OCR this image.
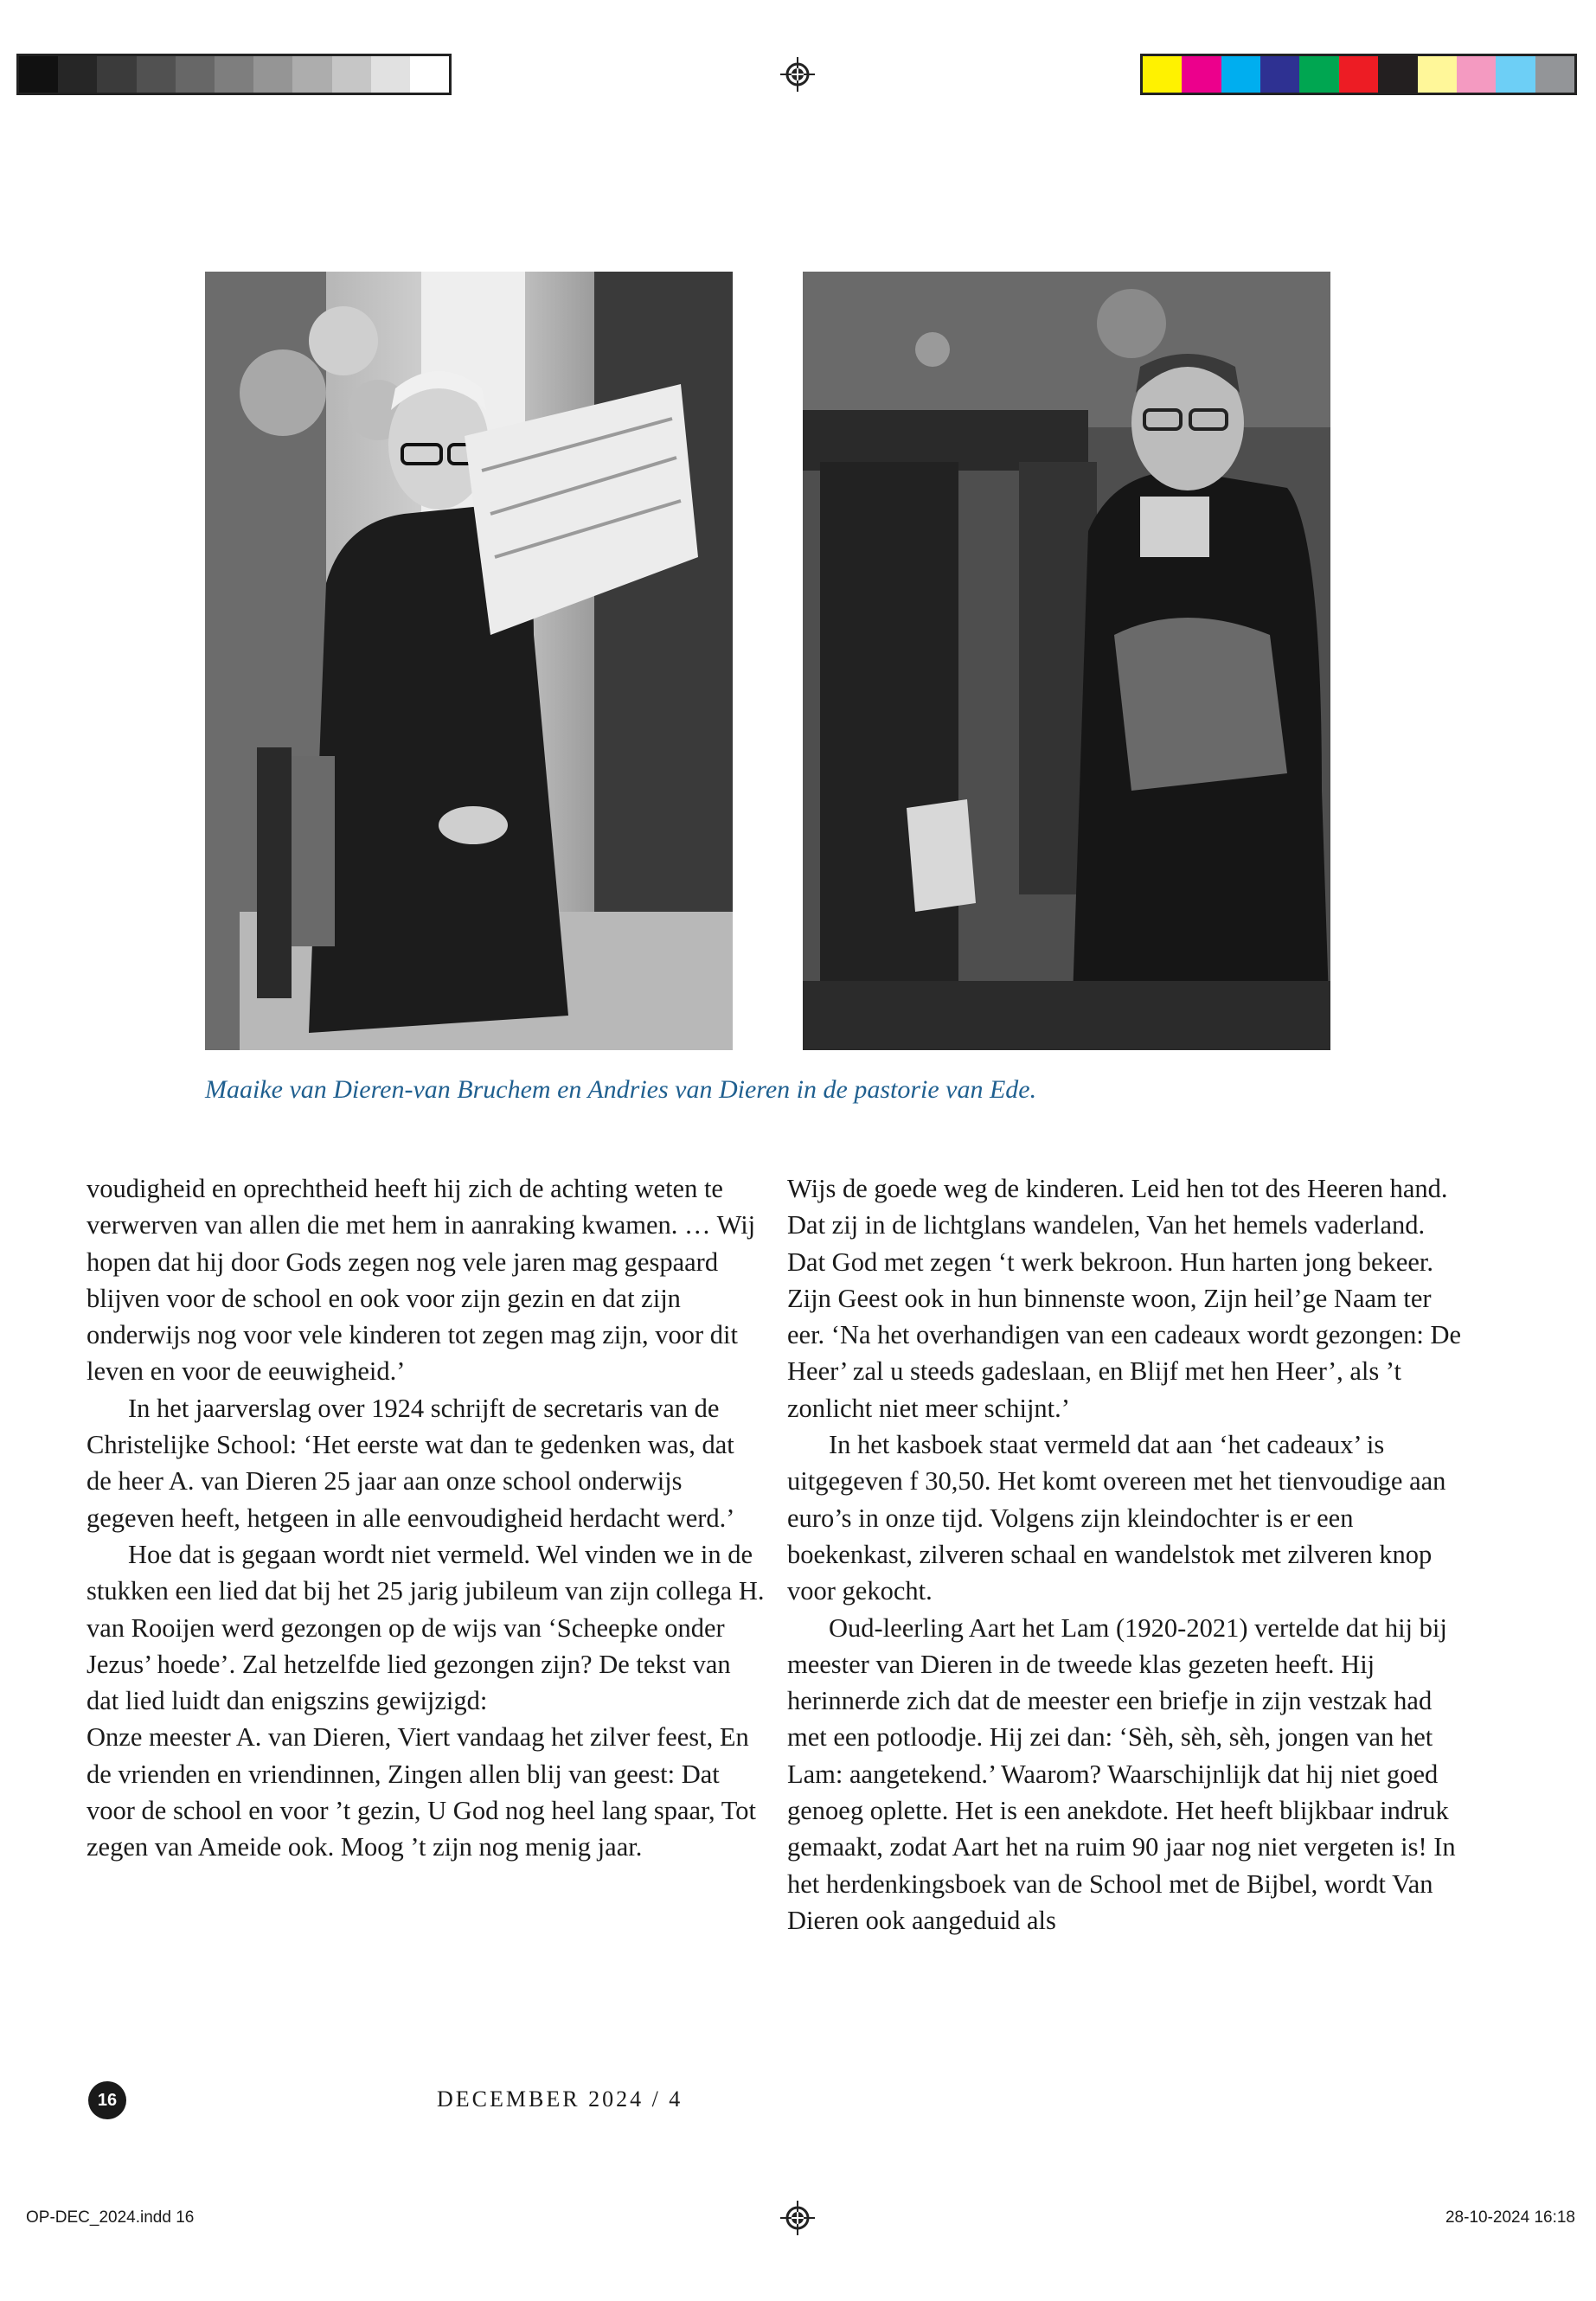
Maaike van Dieren-van Bruchem en Andries van Dieren in de pastorie van Ede.

voudigheid en oprechtheid heeft hij zich de achting weten te verwerven van allen die met hem in aanraking kwamen. … Wij hopen dat hij door Gods zegen nog vele jaren mag gespaard blijven voor de school en ook voor zijn gezin en dat zijn onderwijs nog voor vele kinderen tot zegen mag zijn, voor dit leven en voor de eeuwigheid.’

In het jaarverslag over 1924 schrijft de secretaris van de Christelijke School: ‘Het eerste wat dan te gedenken was, dat de heer A. van Dieren 25 jaar aan onze school onderwijs gegeven heeft, hetgeen in alle eenvoudigheid herdacht werd.’

Hoe dat is gegaan wordt niet vermeld. Wel vinden we in de stukken een lied dat bij het 25 jarig jubileum van zijn collega H. van Rooijen werd gezongen op de wijs van ‘Scheepke onder Jezus’ hoede’. Zal hetzelfde lied gezongen zijn? De tekst van dat lied luidt dan enigszins gewijzigd:

Onze meester A. van Dieren, Viert vandaag het zilver feest, En de vrienden en vriendinnen, Zingen allen blij van geest: Dat voor de school en voor ’t gezin, U God nog heel lang spaar, Tot zegen van Ameide ook. Moog ’t zijn nog menig jaar.

Wijs de goede weg de kinderen. Leid hen tot des Heeren hand. Dat zij in de lichtglans wandelen, Van het hemels vaderland. Dat God met zegen ‘t werk bekroon. Hun harten jong bekeer. Zijn Geest ook in hun binnenste woon, Zijn heil’ge Naam ter eer. ‘Na het overhandigen van een cadeaux wordt gezongen: De Heer’ zal u steeds gadeslaan, en Blijf met hen Heer’, als ’t zonlicht niet meer schijnt.’

In het kasboek staat vermeld dat aan ‘het cadeaux’ is uitgegeven f 30,50. Het komt overeen met het tienvoudige aan euro’s in onze tijd. Volgens zijn kleindochter is er een boekenkast, zilveren schaal en wandelstok met zilveren knop voor gekocht.

Oud-leerling Aart het Lam (1920-2021) vertelde dat hij bij meester van Dieren in de tweede klas gezeten heeft. Hij herinnerde zich dat de meester een briefje in zijn vestzak had met een potloodje. Hij zei dan: ‘Sèh, sèh, sèh, jongen van het Lam: aangetekend.’ Waarom? Waarschijnlijk dat hij niet goed genoeg oplette. Het is een anekdote. Het heeft blijkbaar indruk gemaakt, zodat Aart het na ruim 90 jaar nog niet vergeten is! In het herdenkingsboek van de School met de Bijbel, wordt Van Dieren ook aangeduid als

16	DECEMBER 2024 / 4
OP-DEC_2024.indd 16	28-10-2024 16:18
